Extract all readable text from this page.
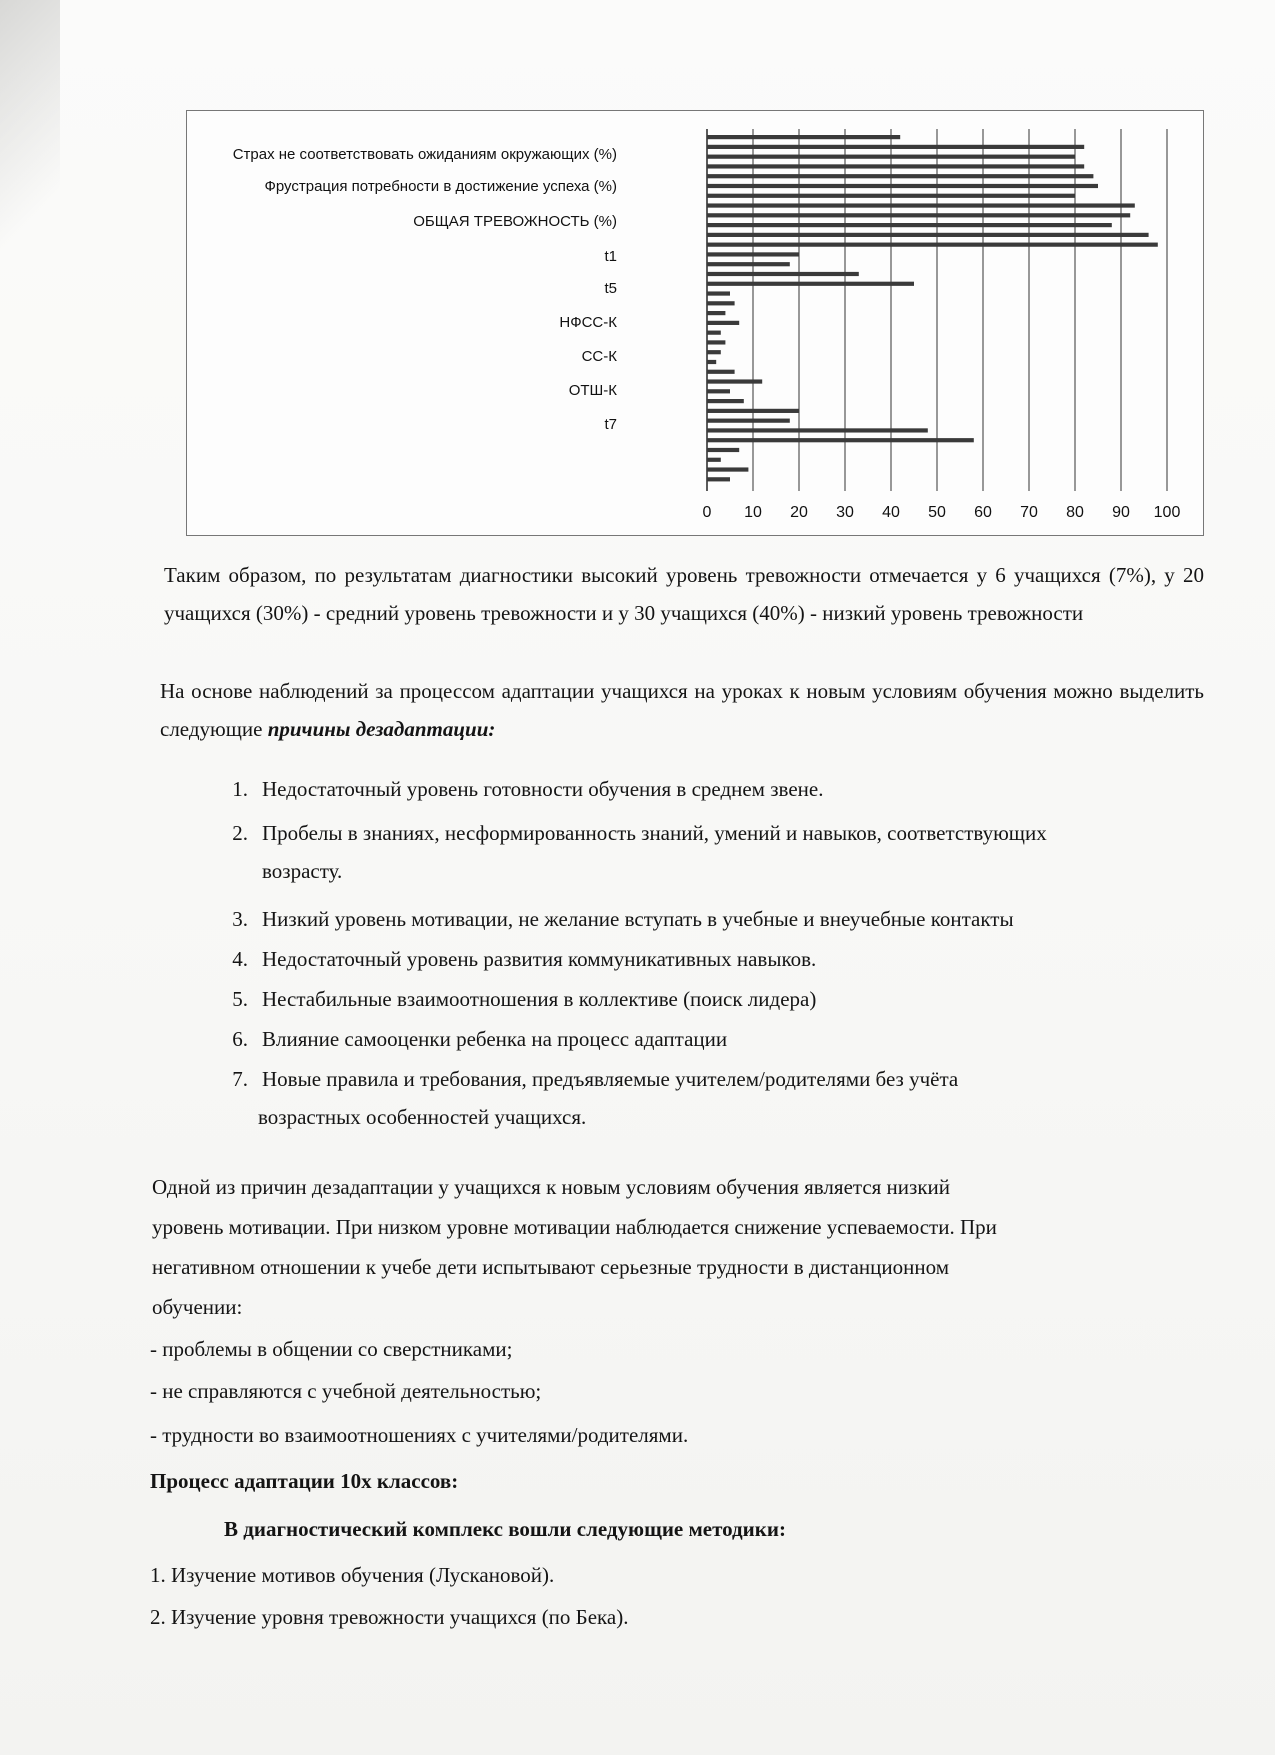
0 10 20 30 40 50 60 70 80 90 100
Страх не соответствовать ожиданиям окружающих (%)
Фрустрация потребности в достижение успеха (%)
ОБЩАЯ ТРЕВОЖНОСТЬ (%)
t1
t5
НФСС-К
СС-К
ОТШ-К
t7
Таким образом, по результатам диагностики высокий уровень тревожности отмечается у 6 учащихся (7%), у 20 учащихся (30%) - средний уровень тревожности и у 30 учащихся (40%) - низкий уровень тревожности
На основе наблюдений за процессом адаптации учащихся на уроках к новым условиям обучения можно выделить следующие причины дезадаптации:
1. Недостаточный уровень готовности обучения в среднем звене.
2. Пробелы в знаниях, несформированность знаний, умений и навыков, соответствующих
возрасту.
3. Низкий уровень мотивации, не желание вступать в учебные и внеучебные контакты
4. Недостаточный уровень развития коммуникативных навыков.
5. Нестабильные взаимоотношения в коллективе (поиск лидера)
6. Влияние самооценки ребенка на процесс адаптации
7. Новые правила и требования, предъявляемые учителем/родителями без учёта
возрастных особенностей учащихся.
Одной из причин дезадаптации у учащихся к новым условиям обучения является низкий
уровень мотивации. При низком уровне мотивации наблюдается снижение успеваемости. При
негативном отношении к учебе дети испытывают серьезные трудности в дистанционном
обучении:
- проблемы в общении со сверстниками;
- не справляются с учебной деятельностью;
- трудности во взаимоотношениях с учителями/родителями.
Процесс адаптации 10х классов:
В диагностический комплекс вошли следующие методики:
1. Изучение мотивов обучения (Лускановой).
2. Изучение уровня тревожности учащихся (по Бека).
